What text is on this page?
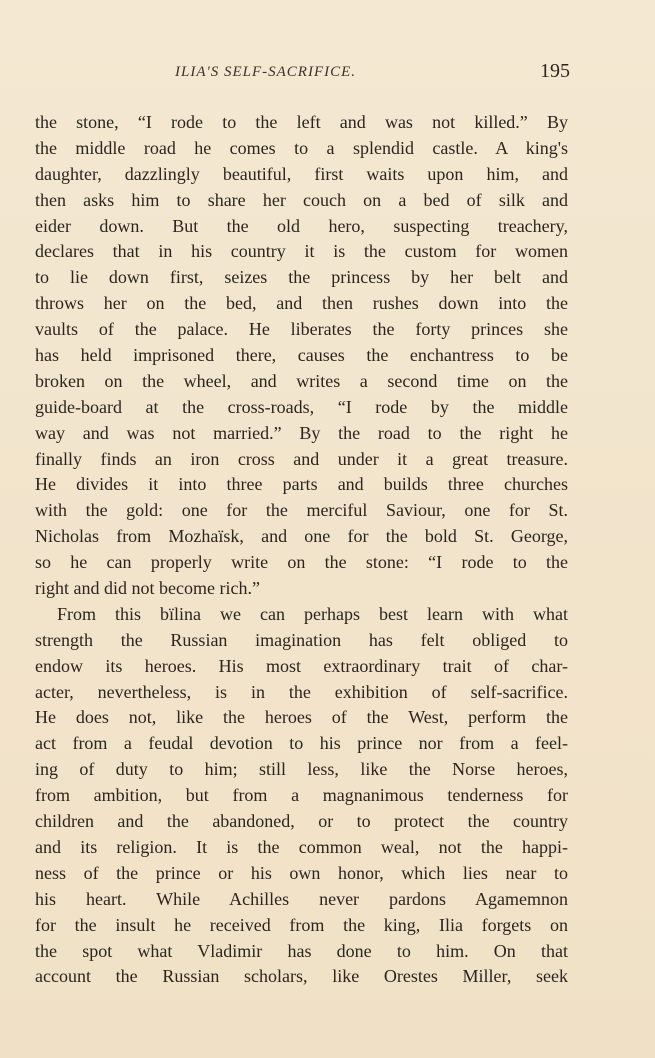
ILIA'S SELF-SACRIFICE.	195
the stone, “I rode to the left and was not killed.” By
the middle road he comes to a splendid castle. A king's
daughter, dazzlingly beautiful, first waits upon him, and
then asks him to share her couch on a bed of silk and
eider down. But the old hero, suspecting treachery,
declares that in his country it is the custom for women
to lie down first, seizes the princess by her belt and
throws her on the bed, and then rushes down into the
vaults of the palace. He liberates the forty princes she
has held imprisoned there, causes the enchantress to be
broken on the wheel, and writes a second time on the
guide-board at the cross-roads, “I rode by the middle
way and was not married.” By the road to the right he
finally finds an iron cross and under it a great treasure.
He divides it into three parts and builds three churches
with the gold: one for the merciful Saviour, one for St.
Nicholas from Mozhaïsk, and one for the bold St. George,
so he can properly write on the stone: “I rode to the
right and did not become rich.”
From this bïlina we can perhaps best learn with what
strength the Russian imagination has felt obliged to
endow its heroes. His most extraordinary trait of char-
acter, nevertheless, is in the exhibition of self-sacrifice.
He does not, like the heroes of the West, perform the
act from a feudal devotion to his prince nor from a feel-
ing of duty to him; still less, like the Norse heroes,
from ambition, but from a magnanimous tenderness for
children and the abandoned, or to protect the country
and its religion. It is the common weal, not the happi-
ness of the prince or his own honor, which lies near to
his heart. While Achilles never pardons Agamemnon
for the insult he received from the king, Ilia forgets on
the spot what Vladimir has done to him. On that
account the Russian scholars, like Orestes Miller, seek
